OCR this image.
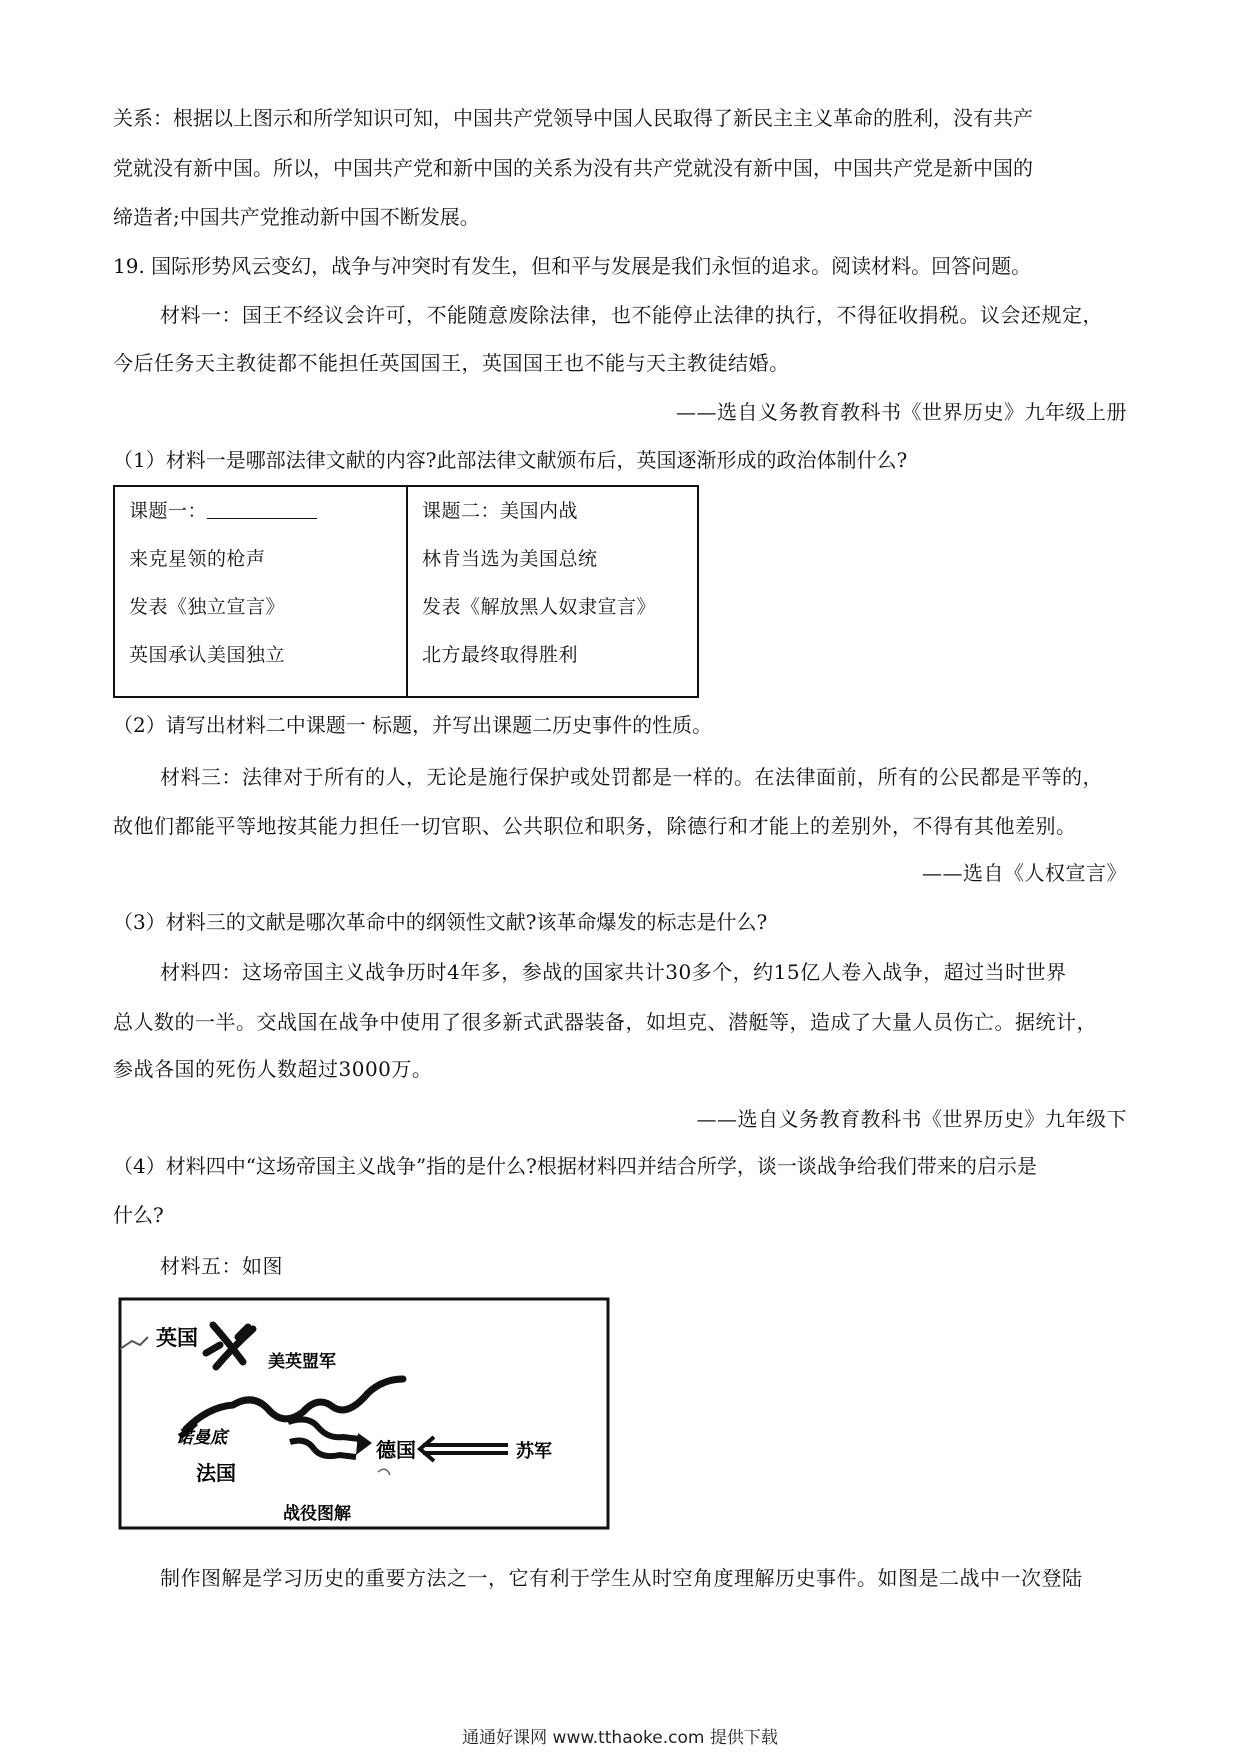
关系：根据以上图示和所学知识可知，中国共产党领导中国人民取得了新民主主义革命的胜利，没有共产
党就没有新中国。所以，中国共产党和新中国的关系为没有共产党就没有新中国，中国共产党是新中国的
缔造者;中国共产党推动新中国不断发展。
19. 国际形势风云变幻，战争与冲突时有发生，但和平与发展是我们永恒的追求。阅读材料。回答问题。
材料一：国王不经议会许可，不能随意废除法律，也不能停止法律的执行，不得征收捐税。议会还规定，
今后任务天主教徒都不能担任英国国王，英国国王也不能与天主教徒结婚。
——选自义务教育教科书《世界历史》九年级上册
（1）材料一是哪部法律文献的内容?此部法律文献颁布后，英国逐渐形成的政治体制什么?
课题一：
来克星领的枪声
发表《独立宣言》
英国承认美国独立
课题二：美国内战
林肯当选为美国总统
发表《解放黑人奴隶宣言》
北方最终取得胜利
（2）请写出材料二中课题一 标题，并写出课题二历史事件的性质。
材料三：法律对于所有的人，无论是施行保护或处罚都是一样的。在法律面前，所有的公民都是平等的，
故他们都能平等地按其能力担任一切官职、公共职位和职务，除德行和才能上的差别外，不得有其他差别。
——选自《人权宣言》
（3）材料三的文献是哪次革命中的纲领性文献?该革命爆发的标志是什么?
材料四：这场帝国主义战争历时4年多，参战的国家共计30多个，约15亿人卷入战争，超过当时世界
总人数的一半。交战国在战争中使用了很多新式武器装备，如坦克、潜艇等，造成了大量人员伤亡。据统计，
参战各国的死伤人数超过3000万。
——选自义务教育教科书《世界历史》九年级下
（4）材料四中“这场帝国主义战争”指的是什么?根据材料四并结合所学，谈一谈战争给我们带来的启示是
什么?
材料五：如图
英国
美英盟军
诺曼底
法国
德国	苏军
战役图解
制作图解是学习历史的重要方法之一，它有利于学生从时空角度理解历史事件。如图是二战中一次登陆
通通好课网 www.tthaoke.com 提供下载
